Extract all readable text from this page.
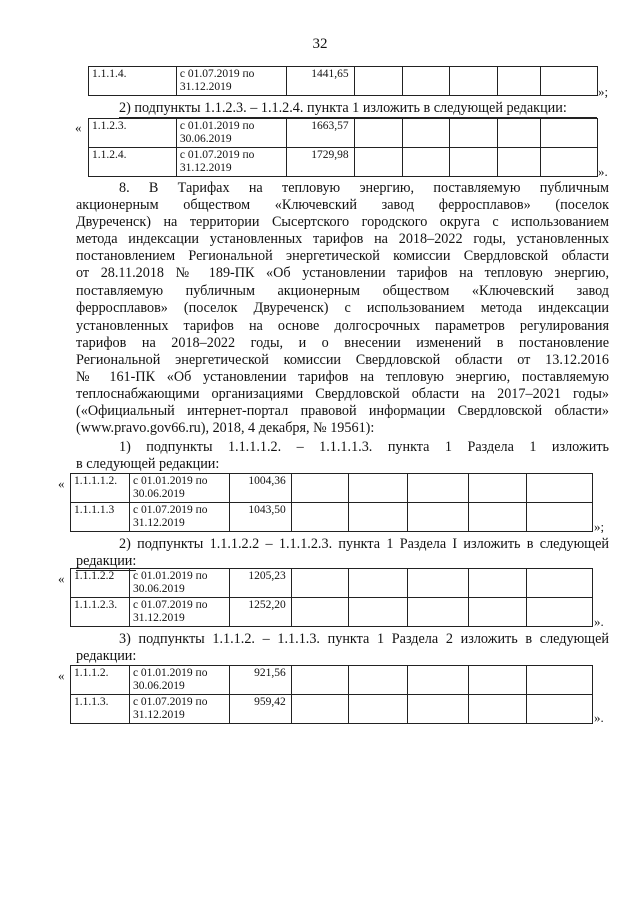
32
1.1.1.4.	с 01.07.2019 по 31.12.2019	1441,65					
»;
2) подпункты 1.1.2.3. – 1.1.2.4. пункта 1 изложить в следующей редакции:
« 1.1.2.3.	с 01.01.2019 по 30.06.2019	1663,57					
1.1.2.4.	с 01.07.2019 по 31.12.2019	1729,98					
».
8. В Тарифах на тепловую энергию, поставляемую публичным
акционерным обществом «Ключевский завод ферросплавов» (поселок
Двуреченск) на территории Сысертского городского округа с использованием
метода индексации установленных тарифов на 2018–2022 годы, установленных
постановлением Региональной энергетической комиссии Свердловской области
от 28.11.2018 № 189-ПК «Об установлении тарифов на тепловую энергию,
поставляемую публичным акционерным обществом «Ключевский завод
ферросплавов» (поселок Двуреченск) с использованием метода индексации
установленных тарифов на основе долгосрочных параметров регулирования
тарифов на 2018–2022 годы, и о внесении изменений в постановление
Региональной энергетической комиссии Свердловской области от 13.12.2016
№ 161-ПК «Об установлении тарифов на тепловую энергию, поставляемую
теплоснабжающими организациями Свердловской области на 2017–2021 годы»
(«Официальный интернет-портал правовой информации Свердловской области»
(www.pravo.gov66.ru), 2018, 4 декабря, № 19561):
1) подпункты 1.1.1.1.2. – 1.1.1.1.3. пункта 1 Раздела 1 изложить
в следующей редакции:
« 1.1.1.1.2.	с 01.01.2019 по 30.06.2019	1004,36					
1.1.1.1.3	с 01.07.2019 по 31.12.2019	1043,50					
»;
2) подпункты 1.1.1.2.2 – 1.1.1.2.3. пункта 1 Раздела I изложить в следующей
редакции:
« 1.1.1.2.2	с 01.01.2019 по 30.06.2019	1205,23					
1.1.1.2.3.	с 01.07.2019 по 31.12.2019	1252,20					
».
3) подпункты 1.1.1.2. – 1.1.1.3. пункта 1 Раздела 2 изложить в следующей
редакции:
« 1.1.1.2.	с 01.01.2019 по 30.06.2019	921,56					
1.1.1.3.	с 01.07.2019 по 31.12.2019	959,42					
».
